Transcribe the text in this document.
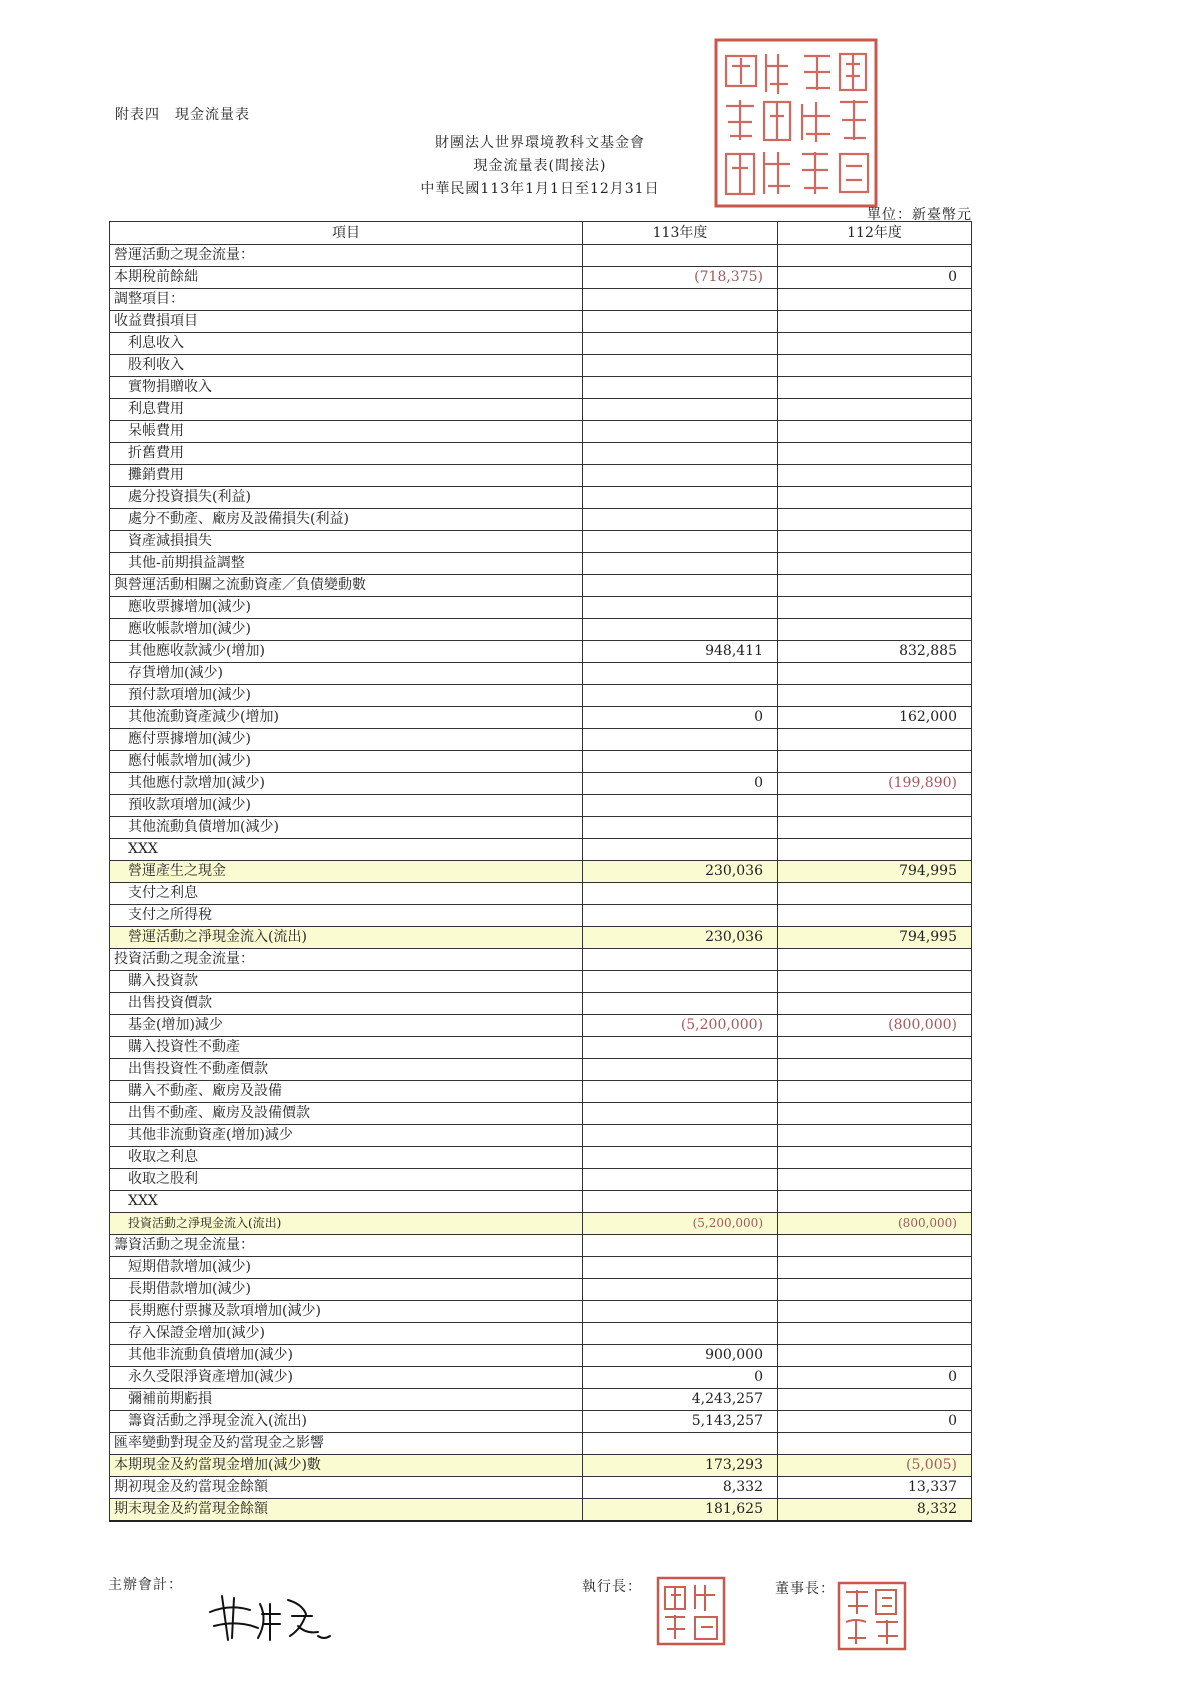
附表四　現金流量表
財團法人世界環境教科文基金會
現金流量表(間接法)
中華民國113年1月1日至12月31日
單位：新臺幣元
項目	113年度	112年度
營運活動之現金流量：		
本期稅前餘絀	(718,375)	0
調整項目：		
收益費損項目		
利息收入		
股利收入		
實物捐贈收入		
利息費用		
呆帳費用		
折舊費用		
攤銷費用		
處分投資損失(利益)		
處分不動產、廠房及設備損失(利益)		
資產減損損失		
其他-前期損益調整		
與營運活動相關之流動資產／負債變動數		
應收票據增加(減少)		
應收帳款增加(減少)		
其他應收款減少(增加)	948,411	832,885
存貨增加(減少)		
預付款項增加(減少)		
其他流動資產減少(增加)	0	162,000
應付票據增加(減少)		
應付帳款增加(減少)		
其他應付款增加(減少)	0	(199,890)
預收款項增加(減少)		
其他流動負債增加(減少)		
XXX		
營運產生之現金	230,036	794,995
支付之利息		
支付之所得稅		
營運活動之淨現金流入(流出)	230,036	794,995
投資活動之現金流量：		
購入投資款		
出售投資價款		
基金(增加)減少	(5,200,000)	(800,000)
購入投資性不動產		
出售投資性不動產價款		
購入不動產、廠房及設備		
出售不動產、廠房及設備價款		
其他非流動資產(增加)減少		
收取之利息		
收取之股利		
XXX		
投資活動之淨現金流入(流出)	(5,200,000)	(800,000)
籌資活動之現金流量：		
短期借款增加(減少)		
長期借款增加(減少)		
長期應付票據及款項增加(減少)		
存入保證金增加(減少)		
其他非流動負債增加(減少)	900,000	
永久受限淨資產增加(減少)	0	0
彌補前期虧損	4,243,257	
籌資活動之淨現金流入(流出)	5,143,257	0
匯率變動對現金及約當現金之影響		
本期現金及約當現金增加(減少)數	173,293	(5,005)
期初現金及約當現金餘額	8,332	13,337
期末現金及約當現金餘額	181,625	8,332
主辦會計：	執行長：	董事長：
